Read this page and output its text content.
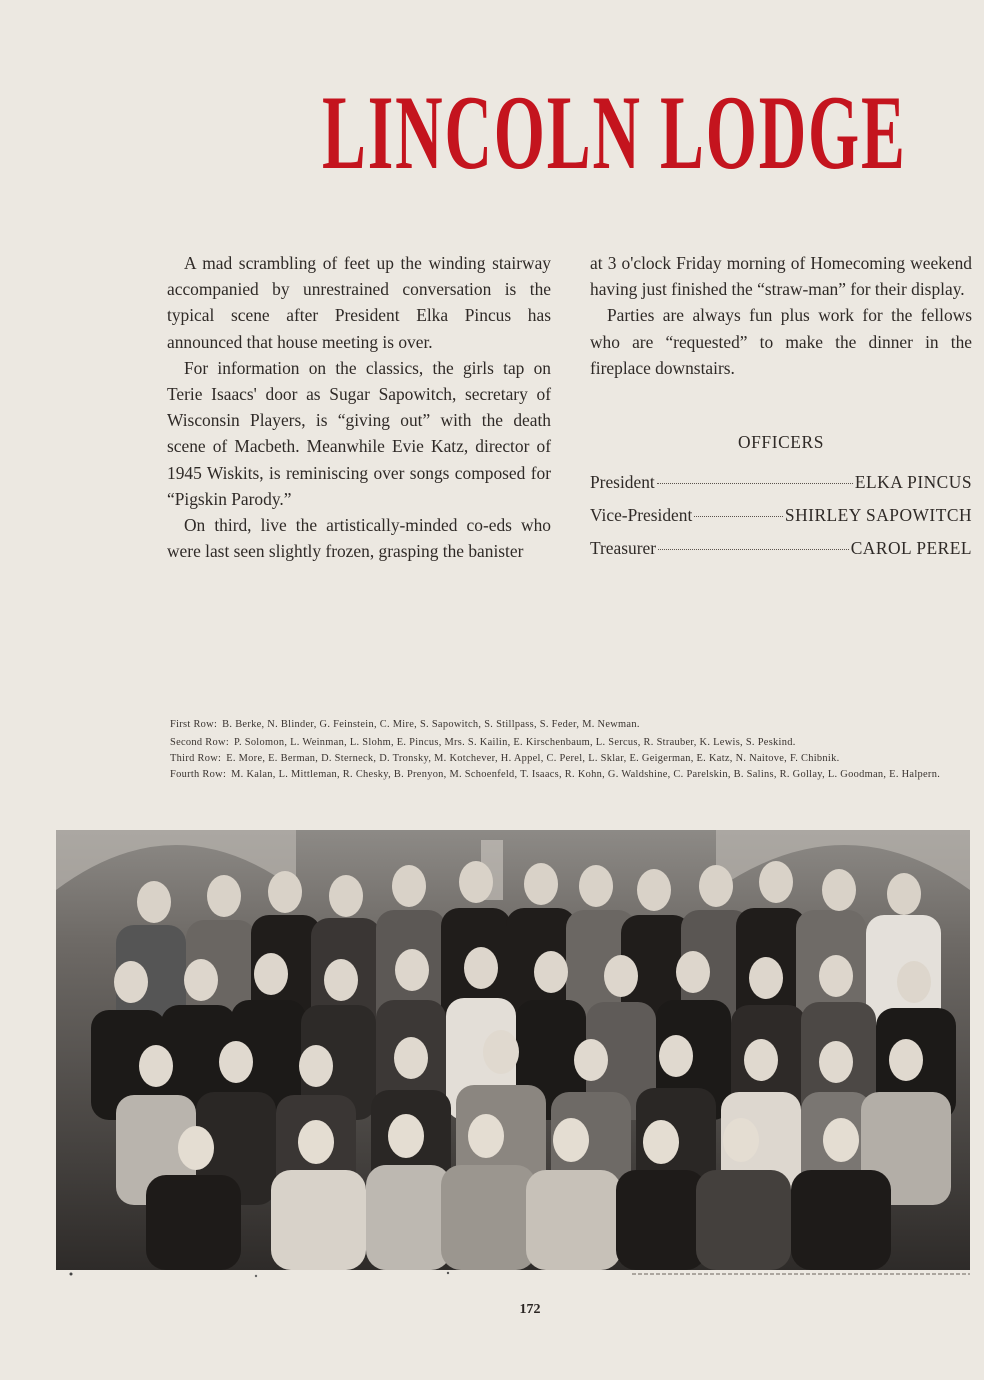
LINCOLN LODGE

A mad scrambling of feet up the winding stairway accompanied by unrestrained conversation is the typical scene after President Elka Pincus has announced that house meeting is over.

For information on the classics, the girls tap on Terie Isaacs' door as Sugar Sapowitch, secretary of Wisconsin Players, is “giving out” with the death scene of Macbeth. Meanwhile Evie Katz, director of 1945 Wiskits, is reminiscing over songs composed for “Pigskin Parody.”

On third, live the artistically-minded co-eds who were last seen slightly frozen, grasping the banister

at 3 o'clock Friday morning of Homecoming weekend having just finished the “straw-man” for their display.

Parties are always fun plus work for the fellows who are “requested” to make the dinner in the fireplace downstairs.

OFFICERS
President	ELKA PINCUS
Vice-President	SHIRLEY SAPOWITCH
Treasurer	CAROL PEREL
First Row: B. Berke, N. Blinder, G. Feinstein, C. Mire, S. Sapowitch, S. Stillpass, S. Feder, M. Newman.
Second Row: P. Solomon, L. Weinman, L. Slohm, E. Pincus, Mrs. S. Kailin, E. Kirschenbaum, L. Sercus, R. Strauber, K. Lewis, S. Peskind.
Third Row: E. More, E. Berman, D. Sterneck, D. Tronsky, M. Kotchever, H. Appel, C. Perel, L. Sklar, E. Geigerman, E. Katz, N. Naitove, F. Chibnik.
Fourth Row: M. Kalan, L. Mittleman, R. Chesky, B. Prenyon, M. Schoenfeld, T. Isaacs, R. Kohn, G. Waldshine, C. Parelskin, B. Salins, R. Gollay, L. Goodman, E. Halpern.
172
